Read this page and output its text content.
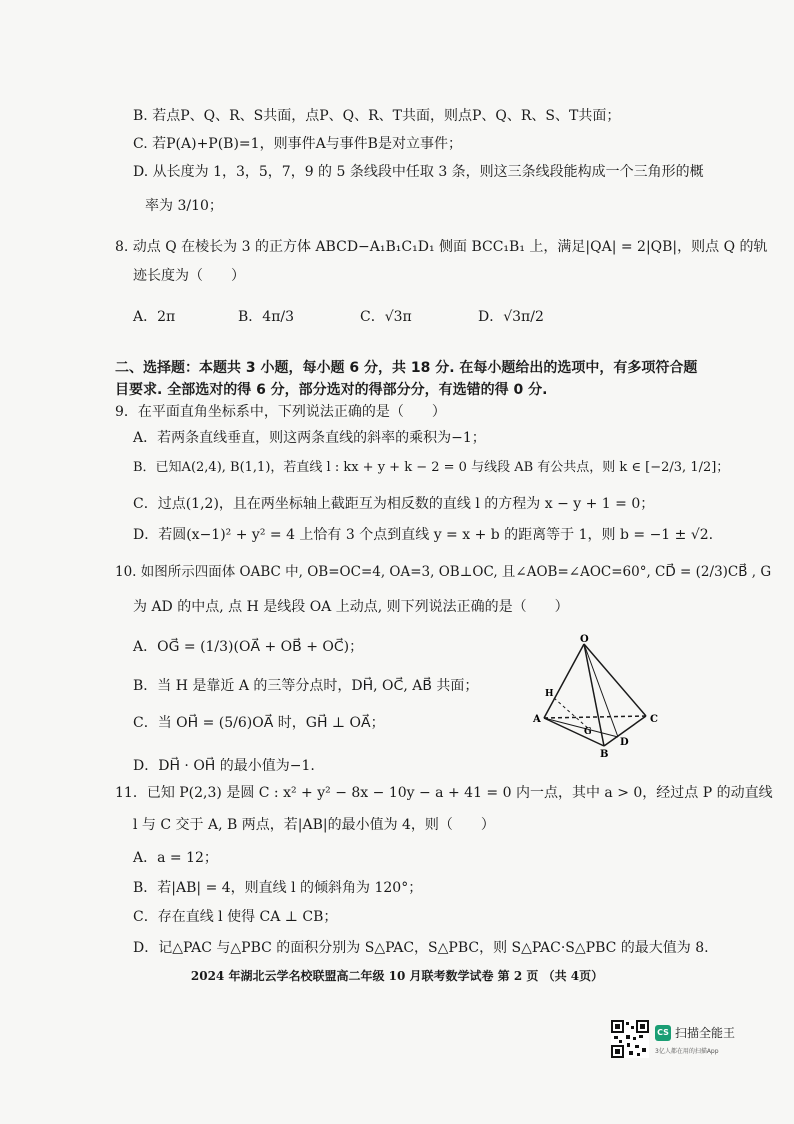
B. 若点P、Q、R、S共面，点P、Q、R、T共面，则点P、Q、R、S、T共面；
C. 若P(A)+P(B)=1，则事件A与事件B是对立事件；
D. 从长度为 1，3，5，7，9 的 5 条线段中任取 3 条，则这三条线段能构成一个三角形的概
率为 3/10；
8. 动点 Q 在棱长为 3 的正方体 ABCD−A₁B₁C₁D₁ 侧面 BCC₁B₁ 上，满足|QA| = 2|QB|，则点 Q 的轨
迹长度为（　　）
A．2π	B．4π/3	C．√3π	D．√3π/2
二、选择题：本题共 3 小题，每小题 6 分，共 18 分. 在每小题给出的选项中，有多项符合题
目要求. 全部选对的得 6 分，部分选对的得部分分，有选错的得 0 分.
9．在平面直角坐标系中，下列说法正确的是（　　）
A．若两条直线垂直，则这两条直线的斜率的乘积为−1；
B．已知A(2,4), B(1,1)，若直线 l : kx + y + k − 2 = 0 与线段 AB 有公共点，则 k ∈ [−2/3, 1/2]；
C．过点(1,2)，且在两坐标轴上截距互为相反数的直线 l 的方程为 x − y + 1 = 0；
D．若圆(x−1)² + y² = 4 上恰有 3 个点到直线 y = x + b 的距离等于 1，则 b = −1 ± √2.
10. 如图所示四面体 OABC 中, OB=OC=4, OA=3, OB⊥OC, 且∠AOB=∠AOC=60°, CD⃗ = (2/3)CB⃗ , G
为 AD 的中点, 点 H 是线段 OA 上动点, 则下列说法正确的是（　　）
A．OG⃗ = (1/3)(OA⃗ + OB⃗ + OC⃗)；
B．当 H 是靠近 A 的三等分点时，DH⃗, OC⃗, AB⃗ 共面；
C．当 OH⃗ = (5/6)OA⃗ 时，GH⃗ ⊥ OA⃗；
D．DH⃗ · OH⃗ 的最小值为−1.
O
A
B
C
D
G
H
11．已知 P(2,3) 是圆 C : x² + y² − 8x − 10y − a + 41 = 0 内一点，其中 a > 0，经过点 P 的动直线
l 与 C 交于 A, B 两点，若|AB|的最小值为 4，则（　　）
A．a = 12；
B．若|AB| = 4，则直线 l 的倾斜角为 120°；
C．存在直线 l 使得 CA ⊥ CB；
D．记△PAC 与△PBC 的面积分别为 S△PAC，S△PBC，则 S△PAC·S△PBC 的最大值为 8.
2024 年湖北云学名校联盟高二年级 10 月联考数学试卷 第 2 页 （共 4页）
CS 扫描全能王
3亿人都在用的扫描App
